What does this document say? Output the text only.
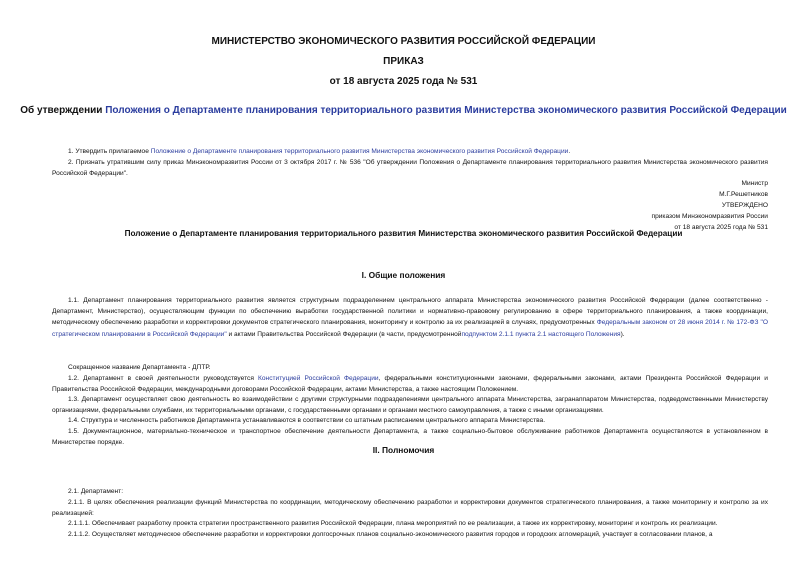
МИНИСТЕРСТВО ЭКОНОМИЧЕСКОГО РАЗВИТИЯ РОССИЙСКОЙ ФЕДЕРАЦИИ
ПРИКАЗ
от 18 августа 2025 года № 531
Об утверждении Положения о Департаменте планирования территориального развития Министерства экономического развития Российской Федерации
1. Утвердить прилагаемое Положение о Департаменте планирования территориального развития Министерства экономического развития Российской Федерации.
2. Признать утратившим силу приказ Минэкономразвития России от 3 октября 2017 г. № 536 "Об утверждении Положения о Департаменте планирования территориального развития Министерства экономического развития Российской Федерации".
Министр
М.Г.Решетников
УТВЕРЖДЕНО
приказом Минэкономразвития России
от 18 августа 2025 года № 531
Положение о Департаменте планирования территориального развития Министерства экономического развития Российской Федерации
I. Общие положения
1.1. Департамент планирования территориального развития является структурным подразделением центрального аппарата Министерства экономического развития Российской Федерации (далее соответственно - Департамент, Министерство), осуществляющим функции по обеспечению выработки государственной политики и нормативно-правовому регулированию в сфере территориального планирования, а также координации, методическому обеспечению разработки и корректировки документов стратегического планирования, мониторингу и контролю за их реализацией в случаях, предусмотренных Федеральным законом от 28 июня 2014 г. № 172-ФЗ "О стратегическом планировании в Российской Федерации" и актами Правительства Российской Федерации (в части, предусмотреннойподпунктом 2.1.1 пункта 2.1 настоящего Положения).
Сокращенное название Департамента - ДПТР.
1.2. Департамент в своей деятельности руководствуется Конституцией Российской Федерации, федеральными конституционными законами, федеральными законами, актами Президента Российской Федерации и Правительства Российской Федерации, международными договорами Российской Федерации, актами Министерства, а также настоящим Положением.
1.3. Департамент осуществляет свою деятельность во взаимодействии с другими структурными подразделениями центрального аппарата Министерства, загранаппаратом Министерства, подведомственными Министерству организациями, федеральными службами, их территориальными органами, с государственными органами и органами местного самоуправления, а также с иными организациями.
1.4. Структура и численность работников Департамента устанавливаются в соответствии со штатным расписанием центрального аппарата Министерства.
1.5. Документационное, материально-техническое и транспортное обеспечение деятельности Департамента, а также социально-бытовое обслуживание работников Департамента осуществляются в установленном в Министерстве порядке.
II. Полномочия
2.1. Департамент:
2.1.1. В целях обеспечения реализации функций Министерства по координации, методическому обеспечению разработки и корректировки документов стратегического планирования, а также мониторингу и контролю за их реализацией:
2.1.1.1. Обеспечивает разработку проекта стратегии пространственного развития Российской Федерации, плана мероприятий по ее реализации, а также их корректировку, мониторинг и контроль их реализации.
2.1.1.2. Осуществляет методическое обеспечение разработки и корректировки долгосрочных планов социально-экономического развития городов и городских агломераций, участвует в согласовании планов, а
